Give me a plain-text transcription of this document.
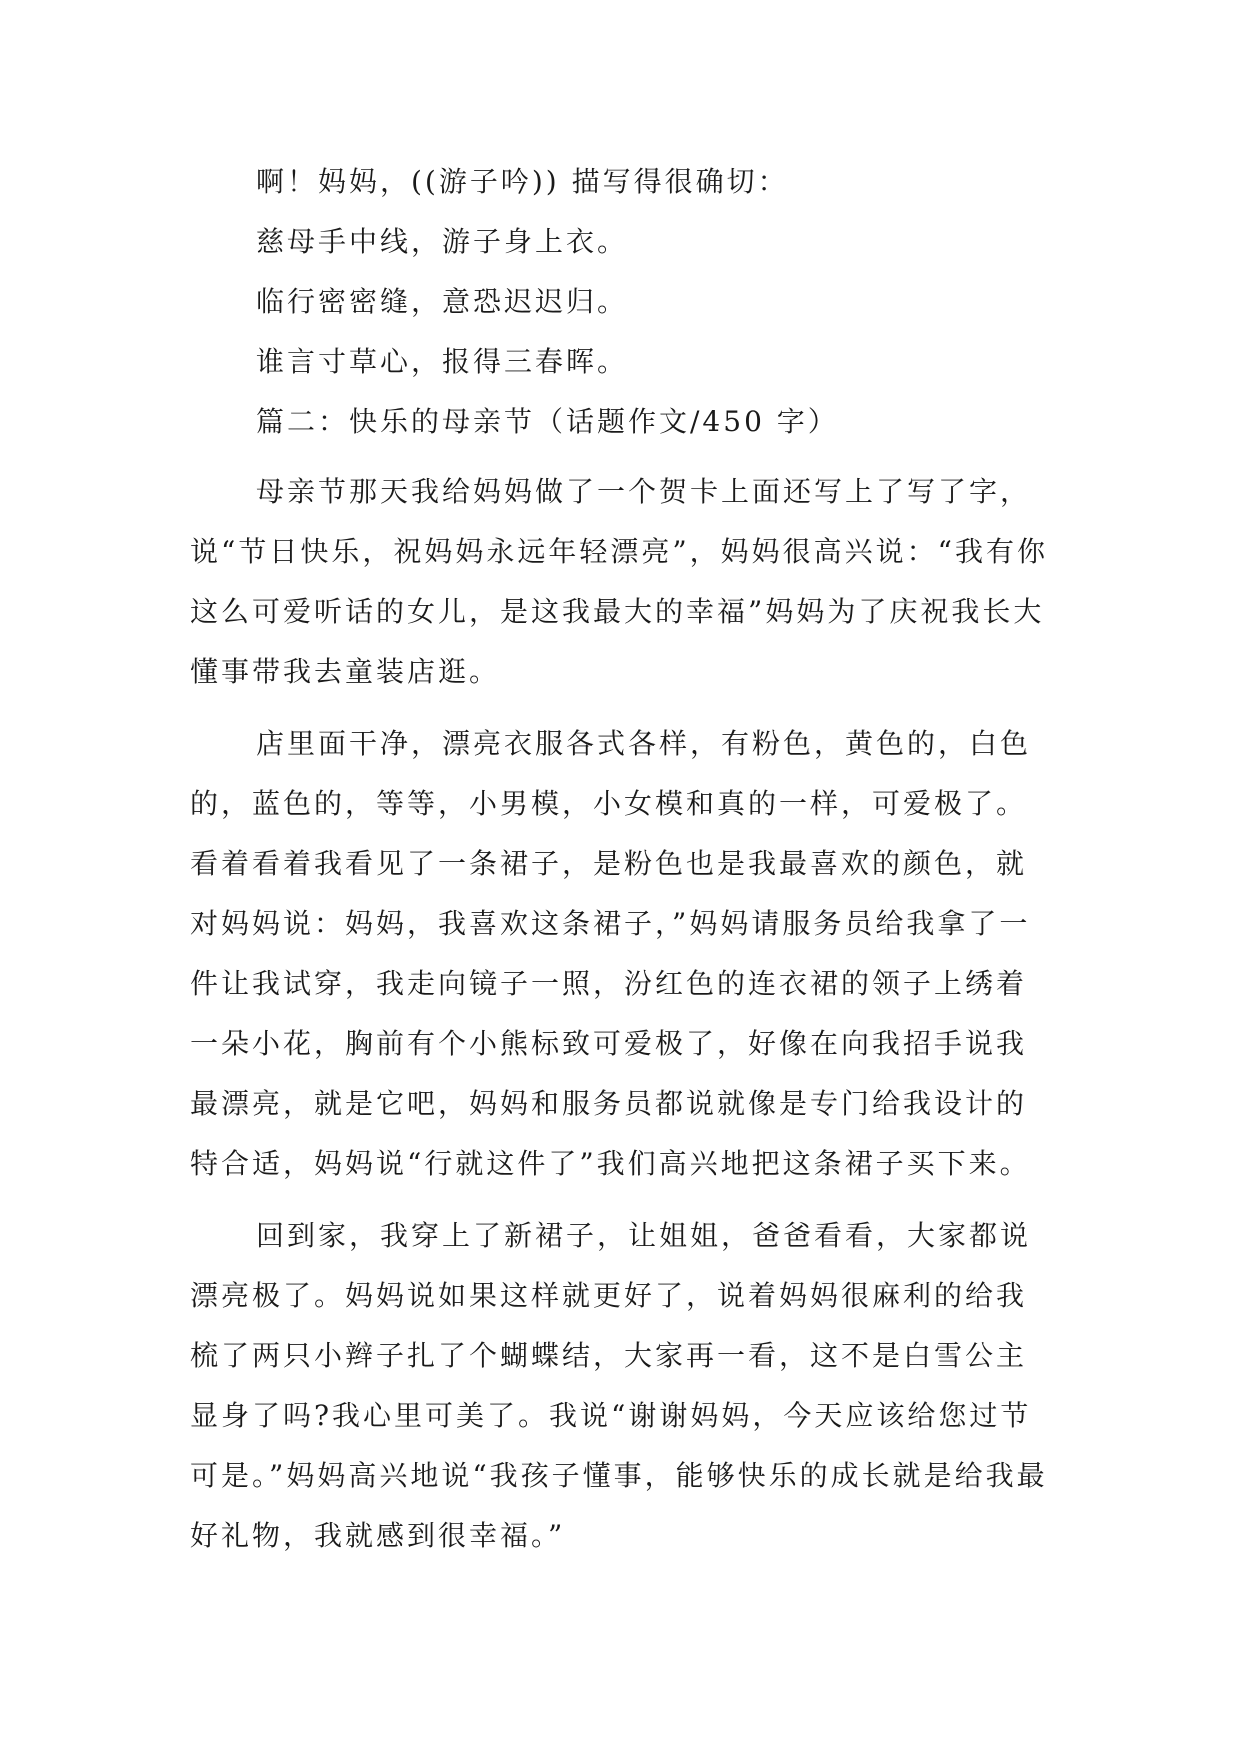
啊！妈妈，((游子吟)) 描写得很确切：
慈母手中线，游子身上衣。
临行密密缝，意恐迟迟归。
谁言寸草心，报得三春晖。
篇二：快乐的母亲节（话题作文/450 字）

母亲节那天我给妈妈做了一个贺卡上面还写上了写了字，说“节日快乐，祝妈妈永远年轻漂亮”，妈妈很高兴说：“我有你这么可爱听话的女儿，是这我最大的幸福”妈妈为了庆祝我长大懂事带我去童装店逛。

店里面干净，漂亮衣服各式各样，有粉色，黄色的，白色的，蓝色的，等等，小男模，小女模和真的一样，可爱极了。看着看着我看见了一条裙子，是粉色也是我最喜欢的颜色，就对妈妈说：妈妈，我喜欢这条裙子，”妈妈请服务员给我拿了一件让我试穿，我走向镜子一照，汾红色的连衣裙的领子上绣着一朵小花，胸前有个小熊标致可爱极了，好像在向我招手说我最漂亮，就是它吧，妈妈和服务员都说就像是专门给我设计的特合适，妈妈说“行就这件了”我们高兴地把这条裙子买下来。

回到家，我穿上了新裙子，让姐姐，爸爸看看，大家都说漂亮极了。妈妈说如果这样就更好了，说着妈妈很麻利的给我梳了两只小辫子扎了个蝴蝶结，大家再一看，这不是白雪公主显身了吗?我心里可美了。我说“谢谢妈妈，今天应该给您过节可是。”妈妈高兴地说“我孩子懂事，能够快乐的成长就是给我最好礼物，我就感到很幸福。”
